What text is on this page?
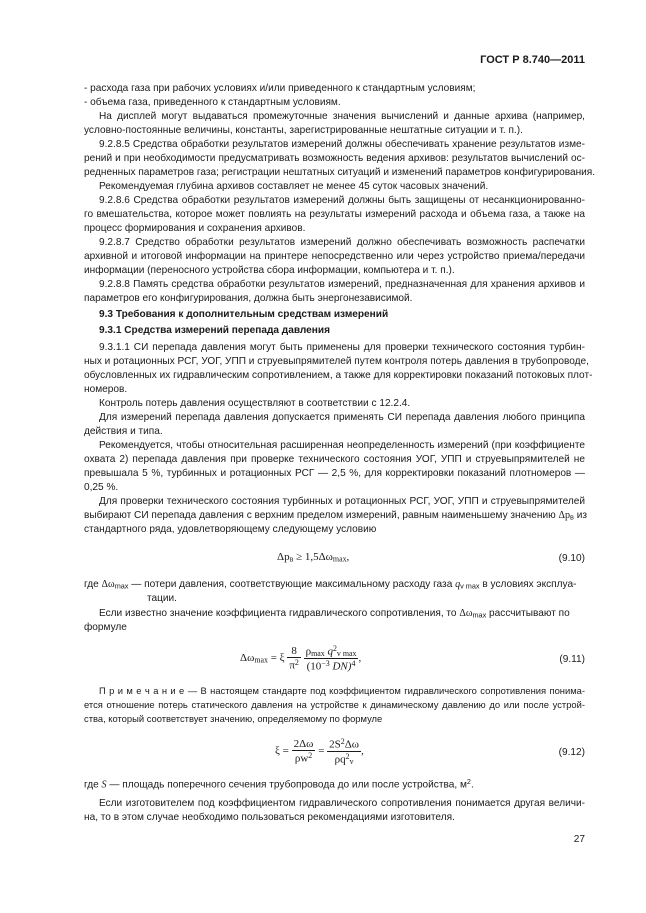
ГОСТ Р 8.740—2011
- расхода газа при рабочих условиях и/или приведенного к стандартным условиям;
- объема газа, приведенного к стандартным условиям.
На дисплей могут выдаваться промежуточные значения вычислений и данные архива (например,
условно-постоянные величины, константы, зарегистрированные нештатные ситуации и т. п.).
9.2.8.5 Средства обработки результатов измерений должны обеспечивать хранение результатов изме-
рений и при необходимости предусматривать возможность ведения архивов: результатов вычислений ос-
редненных параметров газа; регистрации нештатных ситуаций и изменений параметров конфигурирования.
Рекомендуемая глубина архивов составляет не менее 45 суток часовых значений.
9.2.8.6 Средства обработки результатов измерений должны быть защищены от несанкционированно-
го вмешательства, которое может повлиять на результаты измерений расхода и объема газа, а также на
процесс формирования и сохранения архивов.
9.2.8.7 Средство обработки результатов измерений должно обеспечивать возможность распечатки
архивной и итоговой информации на принтере непосредственно или через устройство приема/передачи
информации (переносного устройства сбора информации, компьютера и т. п.).
9.2.8.8 Память средства обработки результатов измерений, предназначенная для хранения архивов и
параметров его конфигурирования, должна быть энергонезависимой.
9.3 Требования к дополнительным средствам измерений
9.3.1 Средства измерений перепада давления
9.3.1.1 СИ перепада давления могут быть применены для проверки технического состояния турбин-
ных и ротационных РСГ, УОГ, УПП и струевыпрямителей путем контроля потерь давления в трубопроводе,
обусловленных их гидравлическим сопротивлением, а также для корректировки показаний потоковых плот-
номеров.
Контроль потерь давления осуществляют в соответствии с 12.2.4.
Для измерений перепада давления допускается применять СИ перепада давления любого принципа
действия и типа.
Рекомендуется, чтобы относительная расширенная неопределенность измерений (при коэффициенте
охвата 2) перепада давления при проверке технического состояния УОГ, УПП и струевыпрямителей не
превышала 5 %, турбинных и ротационных РСГ — 2,5 %, для корректировки показаний плотномеров —
0,25 %.
Для проверки технического состояния турбинных и ротационных РСГ, УОГ, УПП и струевыпрямителей
выбирают СИ перепада давления с верхним пределом измерений, равным наименьшему значению Δpв из
стандартного ряда, удовлетворяющему следующему условию
$\Delta p_в \ge 1,5\Delta\omega_{max}$,	(9.10)
где Δωmax — потери давления, соответствующие максимальному расходу газа qv max в условиях эксплуа-
тации.
Если известно значение коэффициента гидравлического сопротивления, то Δωmax рассчитывают по
формуле
$\Delta\omega_{max} = \xi \frac{8}{\pi^2}$
$\frac{\rho_{max} q^2_{v max}}{(10^{-3} DN)^4}$ ,	(9.11)
П р и м е ч а н и е — В настоящем стандарте под коэффициентом гидравлического сопротивления понима-
ется отношение потерь статического давления на устройстве к динамическому давлению до или после устрой-
ства, который соответствует значению, определяемому по формуле
$\xi = \frac{2\Delta\omega}{\rho w^2} = \frac{2S^2\Delta\omega}{\rho q^2_v}$ ,	(9.12)
где S — площадь поперечного сечения трубопровода до или после устройства, $м^2$.
Если изготовителем под коэффициентом гидравлического сопротивления понимается другая величи-
на, то в этом случае необходимо пользоваться рекомендациями изготовителя.
27
